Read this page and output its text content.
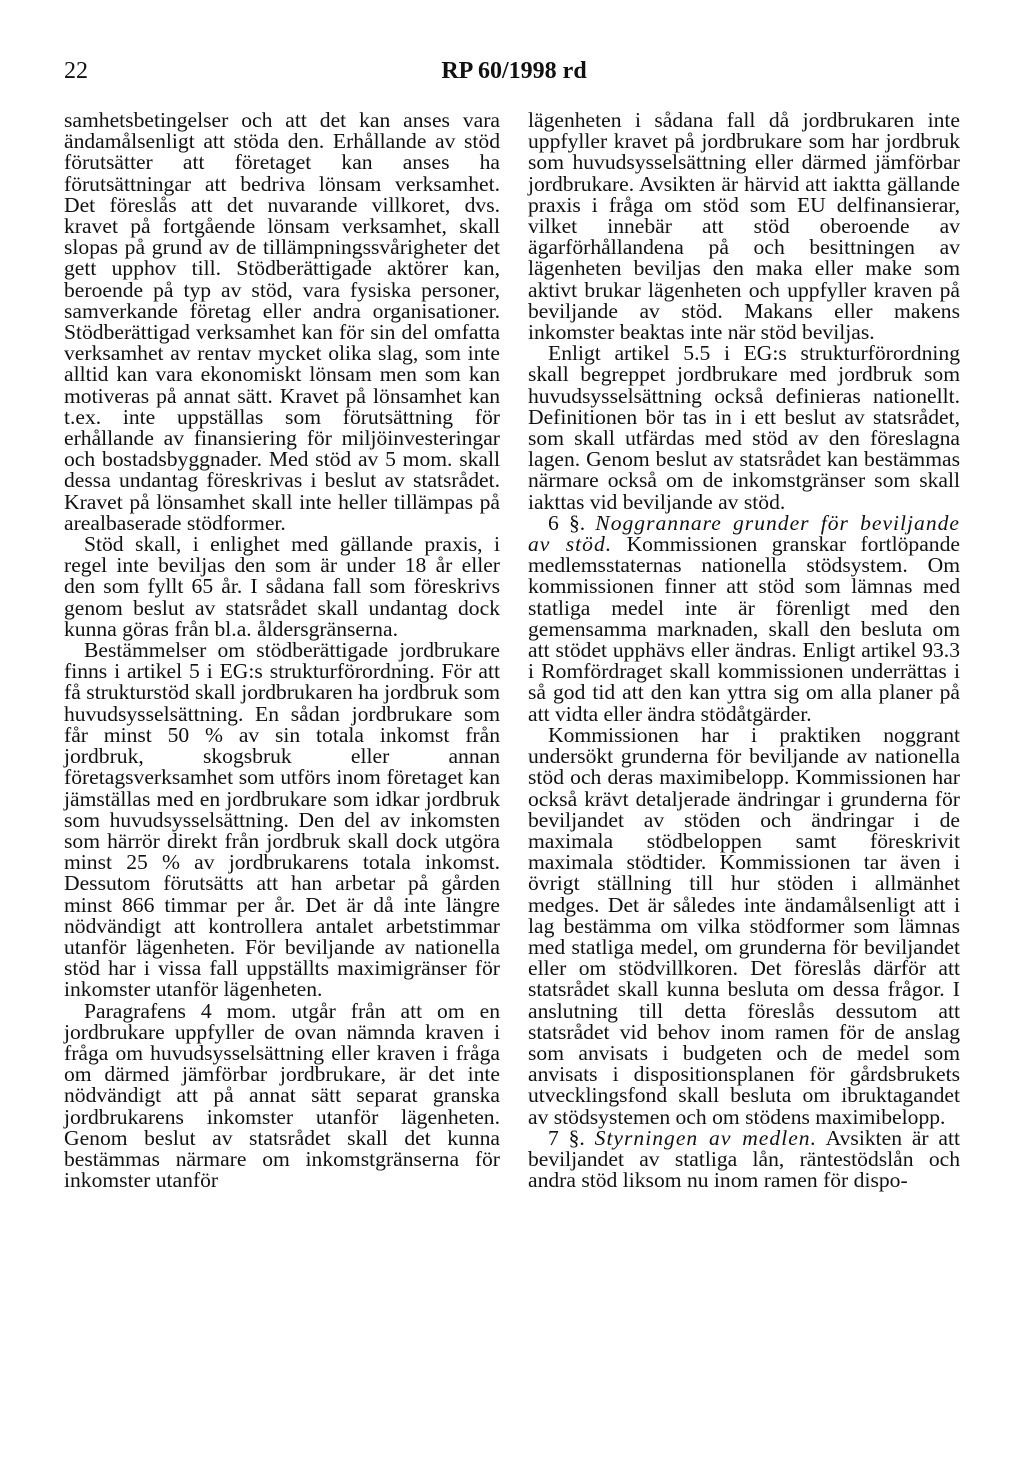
22	RP 60/1998 rd

samhetsbetingelser och att det kan anses vara ändamålsenligt att stöda den. Erhållande av stöd förutsätter att företaget kan anses ha förutsättningar att bedriva lönsam verksamhet. Det föreslås att det nuvarande villkoret, dvs. kravet på fortgående lönsam verksamhet, skall slopas på grund av de tillämpningssvårigheter det gett upphov till. Stödberättigade aktörer kan, beroende på typ av stöd, vara fysiska personer, samverkande företag eller andra organisationer. Stödberättigad verksamhet kan för sin del omfatta verksamhet av rentav mycket olika slag, som inte alltid kan vara ekonomiskt lönsam men som kan motiveras på annat sätt. Kravet på lönsamhet kan t.ex. inte uppställas som förutsättning för erhållande av finansiering för miljöinvesteringar och bostadsbyggnader. Med stöd av 5 mom. skall dessa undantag föreskrivas i beslut av statsrådet. Kravet på lönsamhet skall inte heller tillämpas på arealbaserade stödformer.

Stöd skall, i enlighet med gällande praxis, i regel inte beviljas den som är under 18 år eller den som fyllt 65 år. I sådana fall som föreskrivs genom beslut av statsrådet skall undantag dock kunna göras från bl.a. åldersgränserna.

Bestämmelser om stödberättigade jordbrukare finns i artikel 5 i EG:s strukturförordning. För att få strukturstöd skall jordbrukaren ha jordbruk som huvudsysselsättning. En sådan jordbrukare som får minst 50 % av sin totala inkomst från jordbruk, skogsbruk eller annan företagsverksamhet som utförs inom företaget kan jämställas med en jordbrukare som idkar jordbruk som huvudsysselsättning. Den del av inkomsten som härrör direkt från jordbruk skall dock utgöra minst 25 % av jordbrukarens totala inkomst. Dessutom förutsätts att han arbetar på gården minst 866 timmar per år. Det är då inte längre nödvändigt att kontrollera antalet arbetstimmar utanför lägenheten. För beviljande av nationella stöd har i vissa fall uppställts maximigränser för inkomster utanför lägenheten.

Paragrafens 4 mom. utgår från att om en jordbrukare uppfyller de ovan nämnda kraven i fråga om huvudsysselsättning eller kraven i fråga om därmed jämförbar jordbrukare, är det inte nödvändigt att på annat sätt separat granska jordbrukarens inkomster utanför lägenheten. Genom beslut av statsrådet skall det kunna bestämmas närmare om inkomstgränserna för inkomster utanför

lägenheten i sådana fall då jordbrukaren inte uppfyller kravet på jordbrukare som har jordbruk som huvudsysselsättning eller därmed jämförbar jordbrukare. Avsikten är härvid att iaktta gällande praxis i fråga om stöd som EU delfinansierar, vilket innebär att stöd oberoende av ägarförhållandena på och besittningen av lägenheten beviljas den maka eller make som aktivt brukar lägenheten och uppfyller kraven på beviljande av stöd. Makans eller makens inkomster beaktas inte när stöd beviljas.

Enligt artikel 5.5 i EG:s strukturförordning skall begreppet jordbrukare med jordbruk som huvudsysselsättning också definieras nationellt. Definitionen bör tas in i ett beslut av statsrådet, som skall utfärdas med stöd av den föreslagna lagen. Genom beslut av statsrådet kan bestämmas närmare också om de inkomstgränser som skall iakttas vid beviljande av stöd.

6 §. Noggrannare grunder för beviljande av stöd. Kommissionen granskar fortlöpande medlemsstaternas nationella stödsystem. Om kommissionen finner att stöd som lämnas med statliga medel inte är förenligt med den gemensamma marknaden, skall den besluta om att stödet upphävs eller ändras. Enligt artikel 93.3 i Romfördraget skall kommissionen underrättas i så god tid att den kan yttra sig om alla planer på att vidta eller ändra stödåtgärder.

Kommissionen har i praktiken noggrant undersökt grunderna för beviljande av nationella stöd och deras maximibelopp. Kommissionen har också krävt detaljerade ändringar i grunderna för beviljandet av stöden och ändringar i de maximala stödbeloppen samt föreskrivit maximala stödtider. Kommissionen tar även i övrigt ställning till hur stöden i allmänhet medges. Det är således inte ändamålsenligt att i lag bestämma om vilka stödformer som lämnas med statliga medel, om grunderna för beviljandet eller om stödvillkoren. Det föreslås därför att statsrådet skall kunna besluta om dessa frågor. I anslutning till detta föreslås dessutom att statsrådet vid behov inom ramen för de anslag som anvisats i budgeten och de medel som anvisats i dispositionsplanen för gårdsbrukets utvecklingsfond skall besluta om ibruktagandet av stödsystemen och om stödens maximibelopp.

7 §. Styrningen av medlen. Avsikten är att beviljandet av statliga lån, räntestödslån och andra stöd liksom nu inom ramen för dispo-
